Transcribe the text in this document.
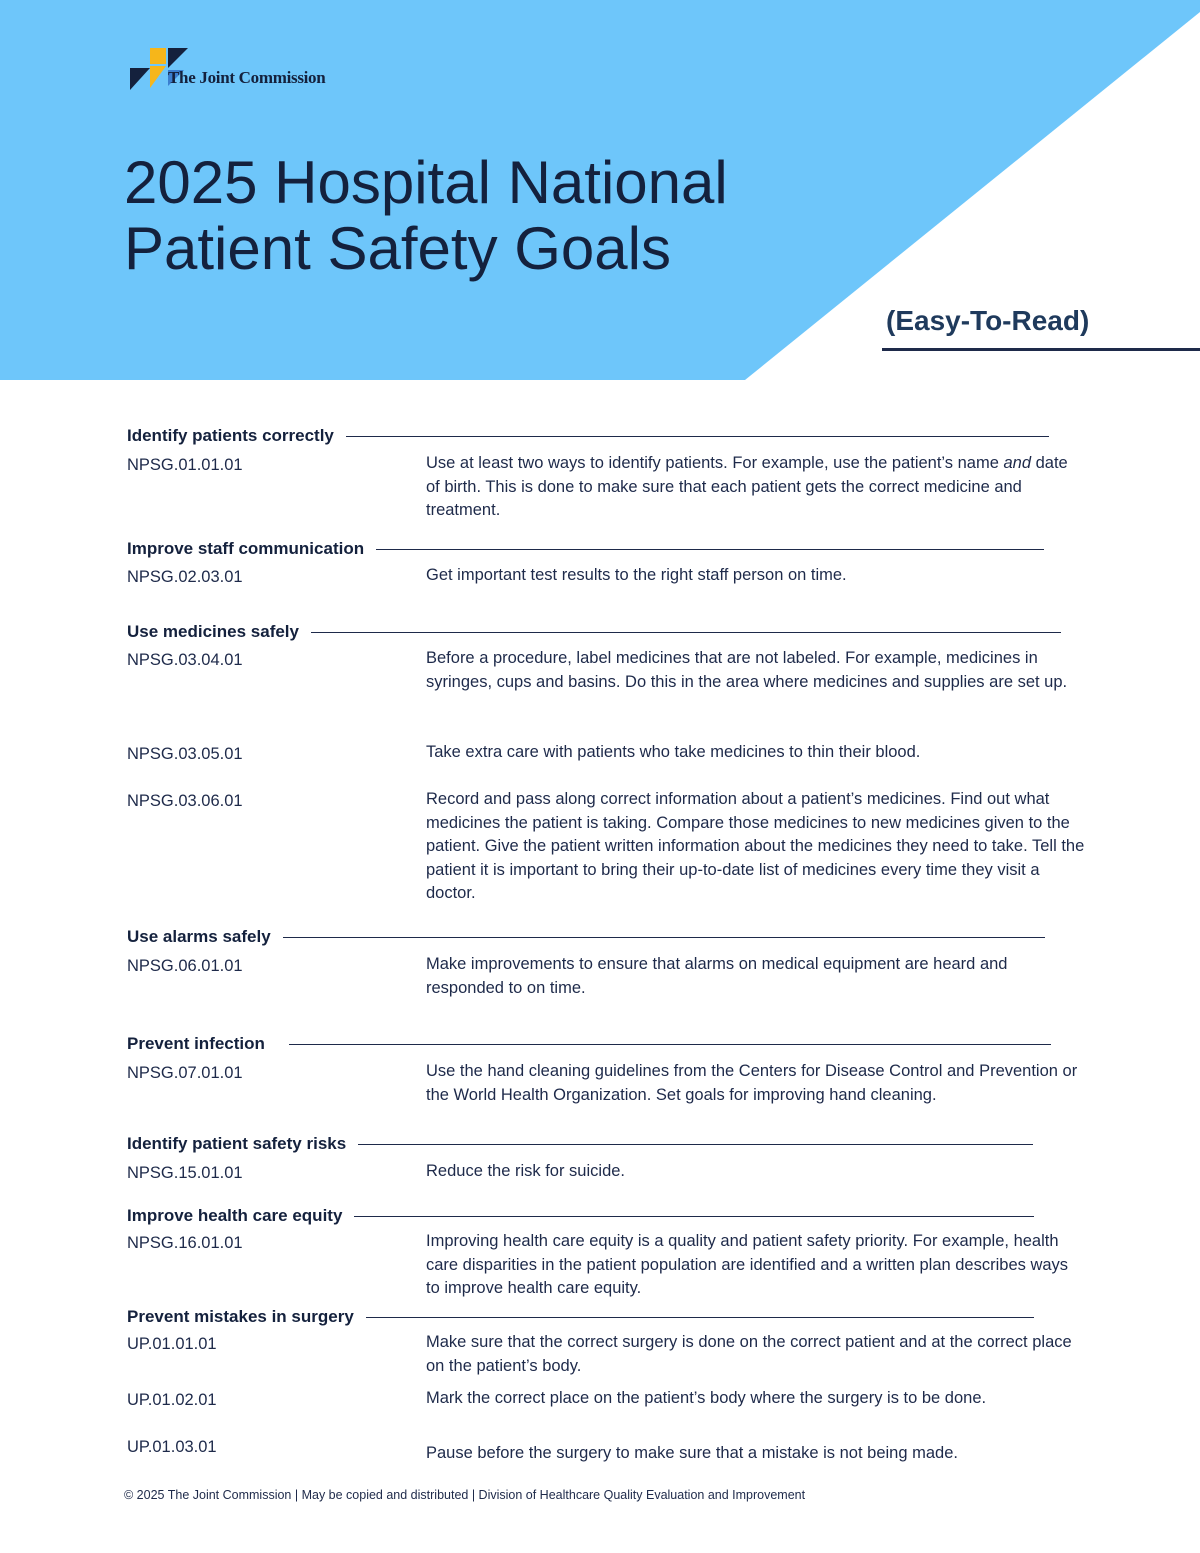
The Joint Commission
2025 Hospital National
Patient Safety Goals
(Easy-To-Read)
Identify patients correctly
NPSG.01.01.01	Use at least two ways to identify patients. For example, use the patient’s name and date of birth. This is done to make sure that each patient gets the correct medicine and treatment.
Improve staff communication
NPSG.02.03.01	Get important test results to the right staff person on time.
Use medicines safely
NPSG.03.04.01	Before a procedure, label medicines that are not labeled. For example, medicines in syringes, cups and basins. Do this in the area where medicines and supplies are set up.
NPSG.03.05.01	Take extra care with patients who take medicines to thin their blood.
NPSG.03.06.01	Record and pass along correct information about a patient’s medicines. Find out what medicines the patient is taking. Compare those medicines to new medicines given to the patient. Give the patient written information about the medicines they need to take. Tell the patient it is important to bring their up-to-date list of medicines every time they visit a doctor.
Use alarms safely
NPSG.06.01.01	Make improvements to ensure that alarms on medical equipment are heard and responded to on time.
Prevent infection
NPSG.07.01.01	Use the hand cleaning guidelines from the Centers for Disease Control and Prevention or the World Health Organization. Set goals for improving hand cleaning.
Identify patient safety risks
NPSG.15.01.01	Reduce the risk for suicide.
Improve health care equity
NPSG.16.01.01	Improving health care equity is a quality and patient safety priority. For example, health care disparities in the patient population are identified and a written plan describes ways to improve health care equity.
Prevent mistakes in surgery
UP.01.01.01	Make sure that the correct surgery is done on the correct patient and at the correct place on the patient’s body.
UP.01.02.01	Mark the correct place on the patient’s body where the surgery is to be done.
UP.01.03.01	Pause before the surgery to make sure that a mistake is not being made.
© 2025 The Joint Commission | May be copied and distributed | Division of Healthcare Quality Evaluation and Improvement
